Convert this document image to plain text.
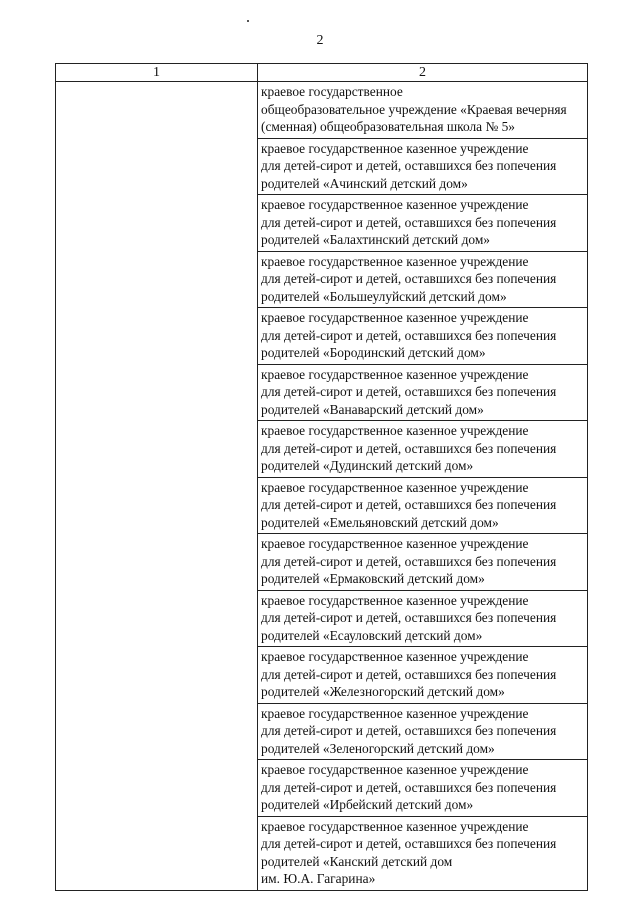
2
1	2

	краевое государственное
общеобразовательное учреждение «Краевая вечерняя
(сменная) общеобразовательная школа № 5»

	краевое государственное казенное учреждение
для детей-сирот и детей, оставшихся без попечения
родителей «Ачинский детский дом»

	краевое государственное казенное учреждение
для детей-сирот и детей, оставшихся без попечения
родителей «Балахтинский детский дом»

	краевое государственное казенное учреждение
для детей-сирот и детей, оставшихся без попечения
родителей «Большеулуйский детский дом»

	краевое государственное казенное учреждение
для детей-сирот и детей, оставшихся без попечения
родителей «Бородинский детский дом»

	краевое государственное казенное учреждение
для детей-сирот и детей, оставшихся без попечения
родителей «Ванаварский детский дом»

	краевое государственное казенное учреждение
для детей-сирот и детей, оставшихся без попечения
родителей «Дудинский детский дом»

	краевое государственное казенное учреждение
для детей-сирот и детей, оставшихся без попечения
родителей «Емельяновский детский дом»

	краевое государственное казенное учреждение
для детей-сирот и детей, оставшихся без попечения
родителей «Ермаковский детский дом»

	краевое государственное казенное учреждение
для детей-сирот и детей, оставшихся без попечения
родителей «Есауловский детский дом»

	краевое государственное казенное учреждение
для детей-сирот и детей, оставшихся без попечения
родителей «Железногорский детский дом»

	краевое государственное казенное учреждение
для детей-сирот и детей, оставшихся без попечения
родителей «Зеленогорский детский дом»

	краевое государственное казенное учреждение
для детей-сирот и детей, оставшихся без попечения
родителей «Ирбейский детский дом»

	краевое государственное казенное учреждение
для детей-сирот и детей, оставшихся без попечения
родителей «Канский детский дом
им. Ю.А. Гагарина»
